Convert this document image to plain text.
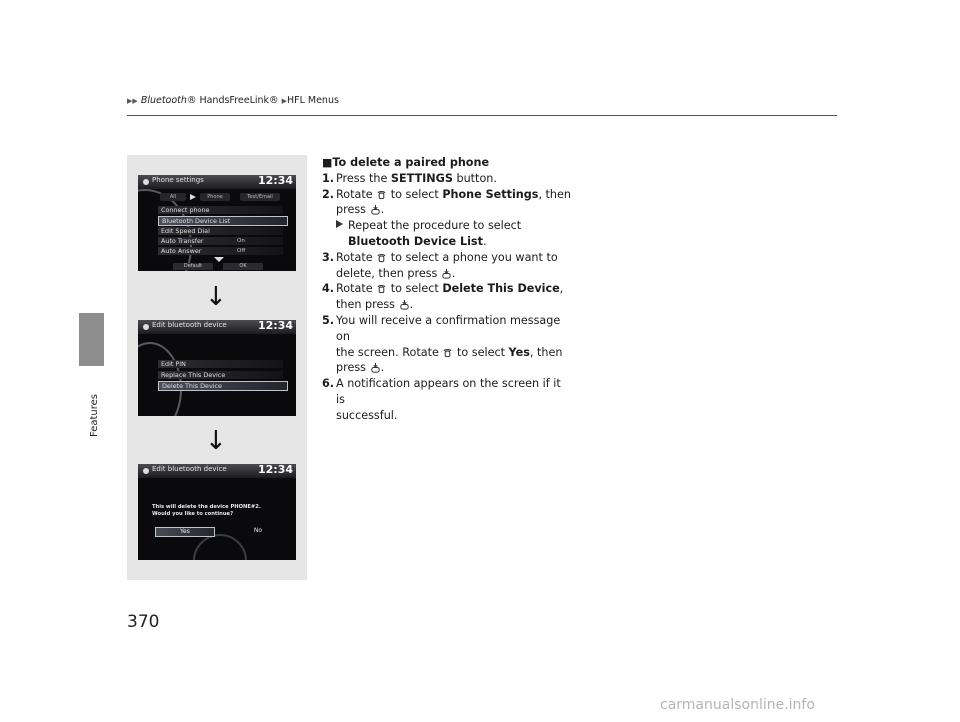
▶▶ Bluetooth® HandsFreeLink® ▶HFL Menus
Features
Phone settings	12:34
All	Phone	Text/Email
Connect phone
Bluetooth Device List
Edit Speed Dial
Auto Transfer	On
Auto Answer	Off
Default	OK
↓
Edit bluetooth device	12:34
Edit PIN
Replace This Device
Delete This Device
↓
Edit bluetooth device	12:34
This will delete the device PHONE#2.
Would you like to continue?
Yes	No
■To delete a paired phone
1. Press the SETTINGS button.
2. Rotate  to select Phone Settings, then
press .
Repeat the procedure to select
Bluetooth Device List.
3. Rotate  to select a phone you want to
delete, then press .
4. Rotate  to select Delete This Device,
then press .
5. You will receive a confirmation message on
the screen. Rotate  to select Yes, then
press .
6. A notification appears on the screen if it is
successful.
370
carmanualsonline.info
